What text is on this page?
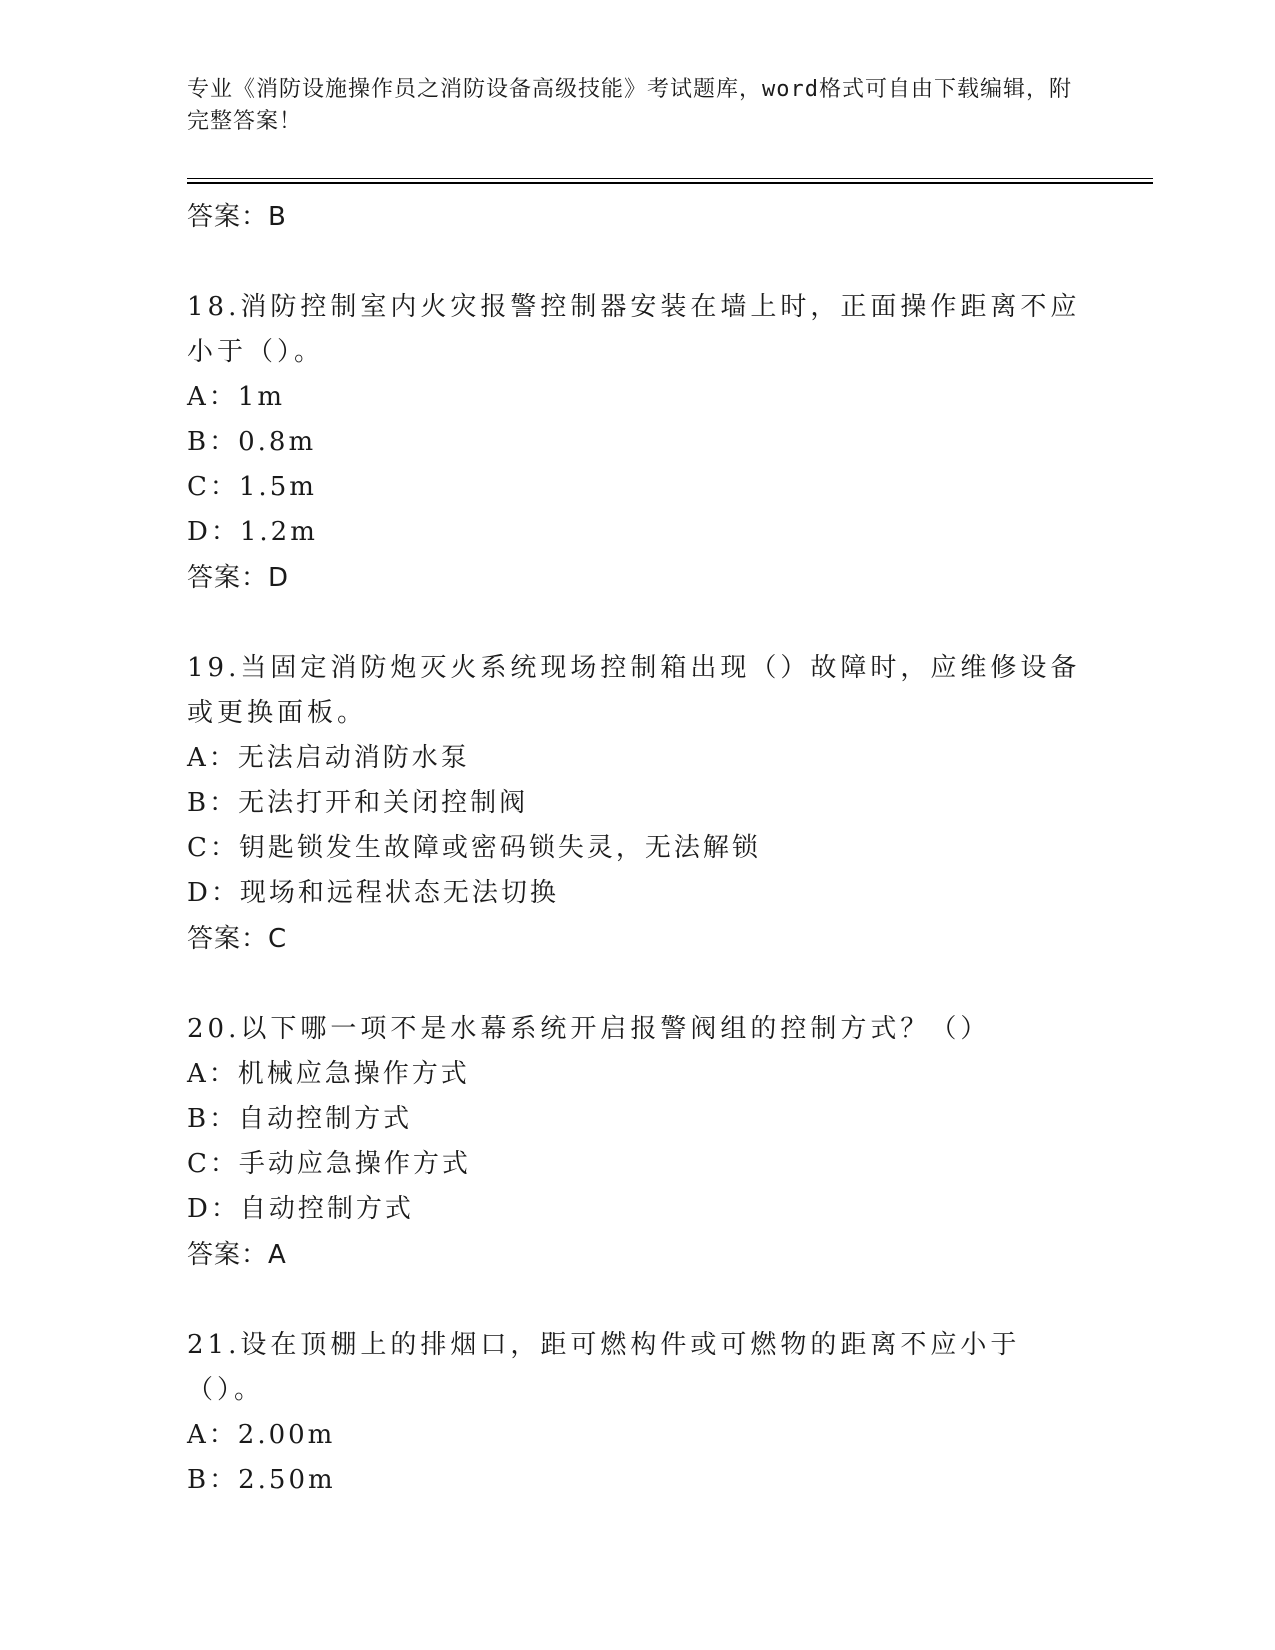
专业《消防设施操作员之消防设备高级技能》考试题库，word格式可自由下载编辑，附完整答案！
答案：B
18.消防控制室内火灾报警控制器安装在墙上时，正面操作距离不应小于（）。
A：1m
B：0.8m
C：1.5m
D：1.2m
答案：D
19.当固定消防炮灭火系统现场控制箱出现（）故障时，应维修设备或更换面板。
A：无法启动消防水泵
B：无法打开和关闭控制阀
C：钥匙锁发生故障或密码锁失灵，无法解锁
D：现场和远程状态无法切换
答案：C
20.以下哪一项不是水幕系统开启报警阀组的控制方式？（）
A：机械应急操作方式
B：自动控制方式
C：手动应急操作方式
D：自动控制方式
答案：A
21.设在顶棚上的排烟口，距可燃构件或可燃物的距离不应小于（）。
A：2.00m
B：2.50m
